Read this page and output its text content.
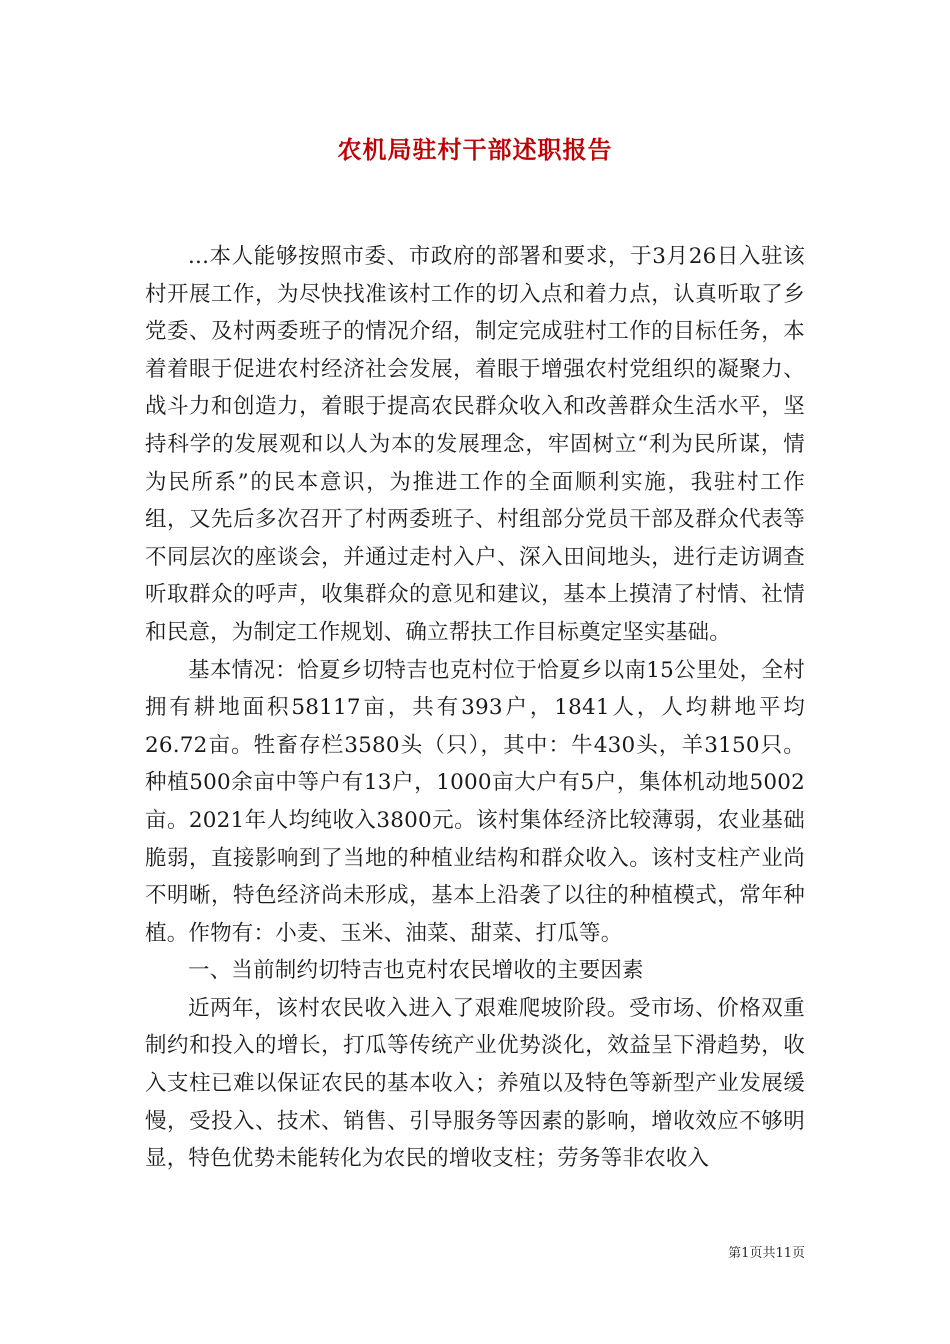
农机局驻村干部述职报告

...本人能够按照市委、市政府的部署和要求，于3月26日入驻该村开展工作，为尽快找准该村工作的切入点和着力点，认真听取了乡党委、及村两委班子的情况介绍，制定完成驻村工作的目标任务，本着着眼于促进农村经济社会发展，着眼于增强农村党组织的凝聚力、战斗力和创造力，着眼于提高农民群众收入和改善群众生活水平，坚持科学的发展观和以人为本的发展理念，牢固树立“利为民所谋，情为民所系”的民本意识，为推进工作的全面顺利实施，我驻村工作组，又先后多次召开了村两委班子、村组部分党员干部及群众代表等不同层次的座谈会，并通过走村入户、深入田间地头，进行走访调查听取群众的呼声，收集群众的意见和建议，基本上摸清了村情、社情和民意，为制定工作规划、确立帮扶工作目标奠定坚实基础。

基本情况：恰夏乡切特吉也克村位于恰夏乡以南15公里处，全村拥有耕地面积58117亩，共有393户，1841人，人均耕地平均26.72亩。牲畜存栏3580头（只），其中：牛430头，羊3150只。种植500余亩中等户有13户，1000亩大户有5户，集体机动地5002亩。2021年人均纯收入3800元。该村集体经济比较薄弱，农业基础脆弱，直接影响到了当地的种植业结构和群众收入。该村支柱产业尚不明晰，特色经济尚未形成，基本上沿袭了以往的种植模式，常年种植。作物有：小麦、玉米、油菜、甜菜、打瓜等。

一、当前制约切特吉也克村农民增收的主要因素

近两年，该村农民收入进入了艰难爬坡阶段。受市场、价格双重制约和投入的增长，打瓜等传统产业优势淡化，效益呈下滑趋势，收入支柱已难以保证农民的基本收入；养殖以及特色等新型产业发展缓慢，受投入、技术、销售、引导服务等因素的影响，增收效应不够明显，特色优势未能转化为农民的增收支柱；劳务等非农收入

第1页共11页
